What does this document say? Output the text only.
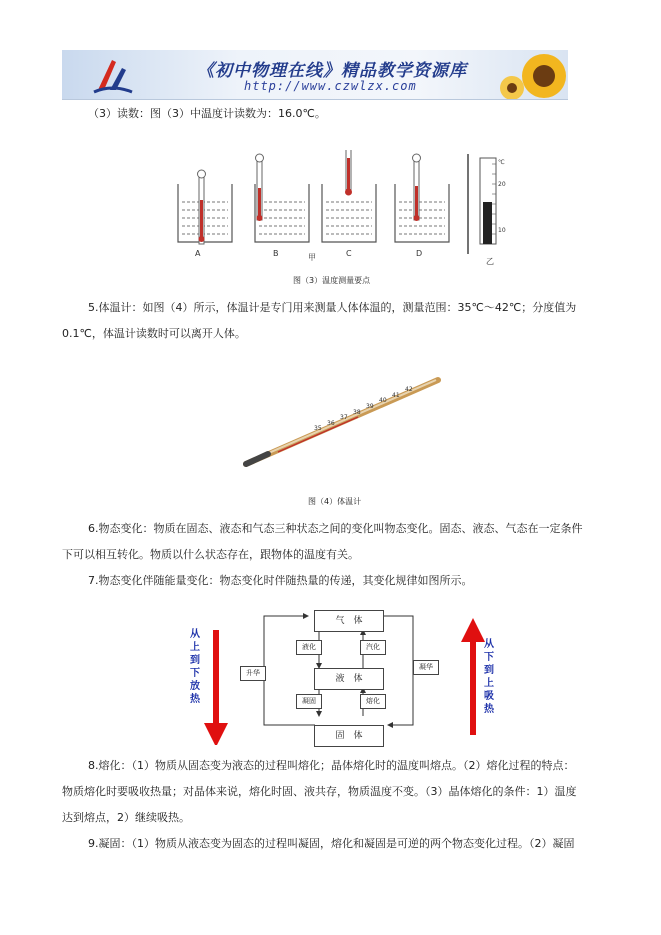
《初中物理在线》精品教学资源库
http://www.czwlzx.com
（3）读数：图（3）中温度计读数为：16.0℃。
A	B	C	D
甲	乙
℃
20
10
图（3）温度测量要点
5.体温计：如图（4）所示，体温计是专门用来测量人体体温的，测量范围：35℃～42℃；分度值为
0.1℃，体温计读数时可以离开人体。
35
36
37
38
39
40
41
42
图（4）体温计
6.物态变化：物质在固态、液态和气态三种状态之间的变化叫物态变化。固态、液态、气态在一定条件
下可以相互转化。物质以什么状态存在，跟物体的温度有关。
7.物态变化伴随能量变化：物态变化时伴随热量的传递，其变化规律如图所示。
气　体
液　体
固　体
液化	汽化
凝固	熔化
升华
凝华
从
上
到
下
放
热
从
下
到
上
吸
热
8.熔化：（1）物质从固态变为液态的过程叫熔化；晶体熔化时的温度叫熔点。（2）熔化过程的特点：
物质熔化时要吸收热量；对晶体来说，熔化时固、液共存，物质温度不变。（3）晶体熔化的条件：1）温度
达到熔点，2）继续吸热。
9.凝固：（1）物质从液态变为固态的过程叫凝固，熔化和凝固是可逆的两个物态变化过程。（2）凝固
